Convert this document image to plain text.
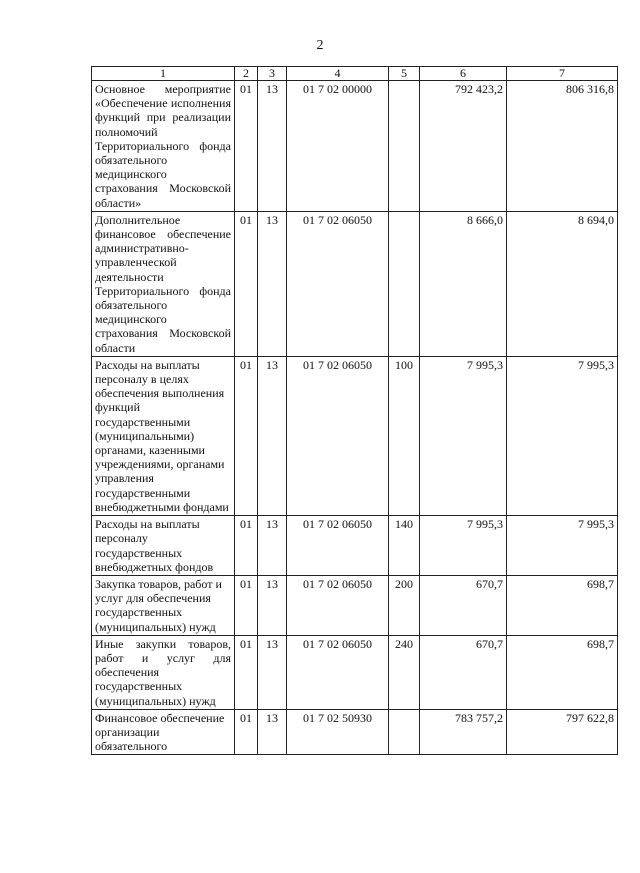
2
1	2	3	4	5	6	7
Основное мероприятие «Обеспечение исполнения функций при реализации полномочий Территориального фонда обязательного медицинского страхования Московской области»	01	13	01 7 02 00000		792 423,2	806 316,8
Дополнительное финансовое обеспечение административно-управленческой деятельности Территориального фонда обязательного медицинского страхования Московской области	01	13	01 7 02 06050		8 666,0	8 694,0
Расходы на выплаты персоналу в целях обеспечения выполнения функций государственными (муниципальными) органами, казенными учреждениями, органами управления государственными внебюджетными фондами	01	13	01 7 02 06050	100	7 995,3	7 995,3
Расходы на выплаты персоналу государственных внебюджетных фондов	01	13	01 7 02 06050	140	7 995,3	7 995,3
Закупка товаров, работ и услуг для обеспечения государственных (муниципальных) нужд	01	13	01 7 02 06050	200	670,7	698,7
Иные закупки товаров, работ и услуг для обеспечения государственных (муниципальных) нужд	01	13	01 7 02 06050	240	670,7	698,7
Финансовое обеспечение организации обязательного	01	13	01 7 02 50930		783 757,2	797 622,8
